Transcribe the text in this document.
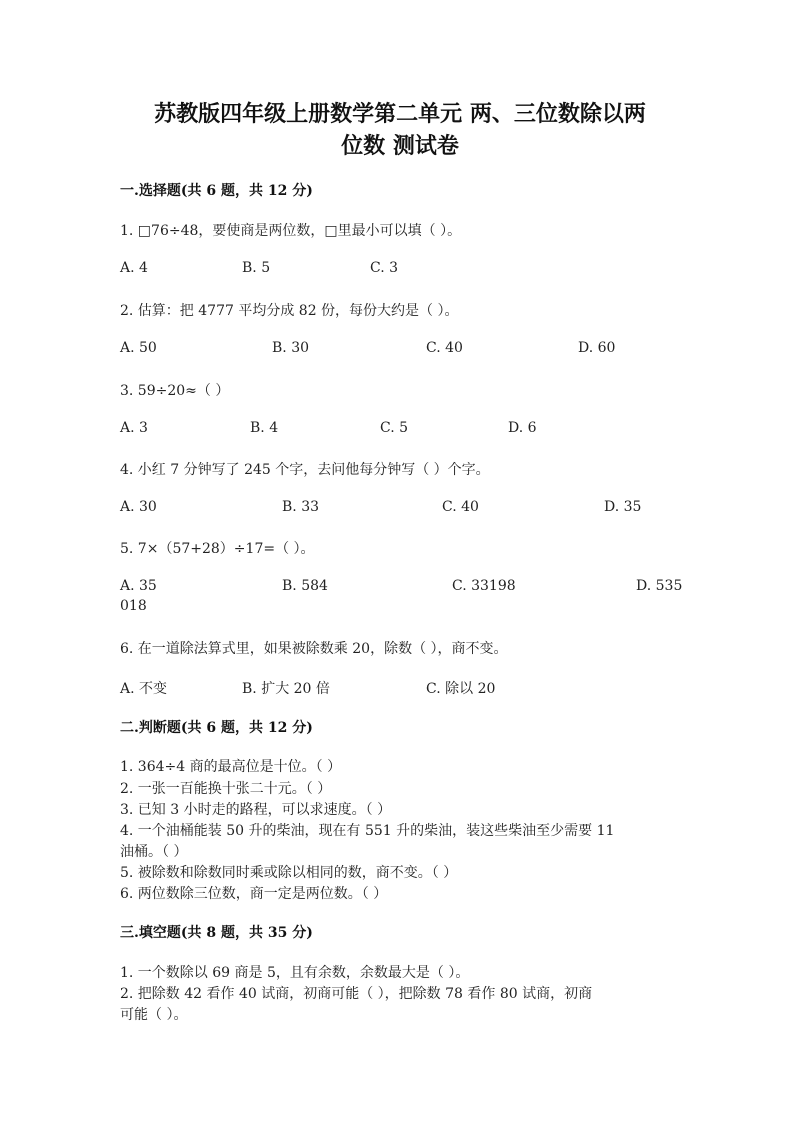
苏教版四年级上册数学第二单元 两、三位数除以两
位数 测试卷
一.选择题(共 6 题，共 12 分)
1. □76÷48，要使商是两位数，□里最小可以填（ ）。
A. 4	B. 5	C. 3
2. 估算：把 4777 平均分成 82 份，每份大约是（ ）。
A. 50	B. 30	C. 40	D. 60
3. 59÷20≈（ ）
A. 3	B. 4	C. 5	D. 6
4. 小红 7 分钟写了 245 个字，去问他每分钟写（ ）个字。
A. 30	B. 33	C. 40	D. 35
5. 7×（57+28）÷17=（ ）。
A. 35	B. 584	C. 33198	D. 535
018
6. 在一道除法算式里，如果被除数乘 20，除数（ ），商不变。
A. 不变	B. 扩大 20 倍	C. 除以 20
二.判断题(共 6 题，共 12 分)
1. 364÷4 商的最高位是十位。（ ）
2. 一张一百能换十张二十元。（ ）
3. 已知 3 小时走的路程，可以求速度。（ ）
4. 一个油桶能装 50 升的柴油，现在有 551 升的柴油，装这些柴油至少需要 11
油桶。（ ）
5. 被除数和除数同时乘或除以相同的数，商不变。（ ）
6. 两位数除三位数，商一定是两位数。（ ）
三.填空题(共 8 题，共 35 分)
1. 一个数除以 69 商是 5，且有余数，余数最大是（ ）。
2. 把除数 42 看作 40 试商，初商可能（ ），把除数 78 看作 80 试商，初商
可能（ ）。
